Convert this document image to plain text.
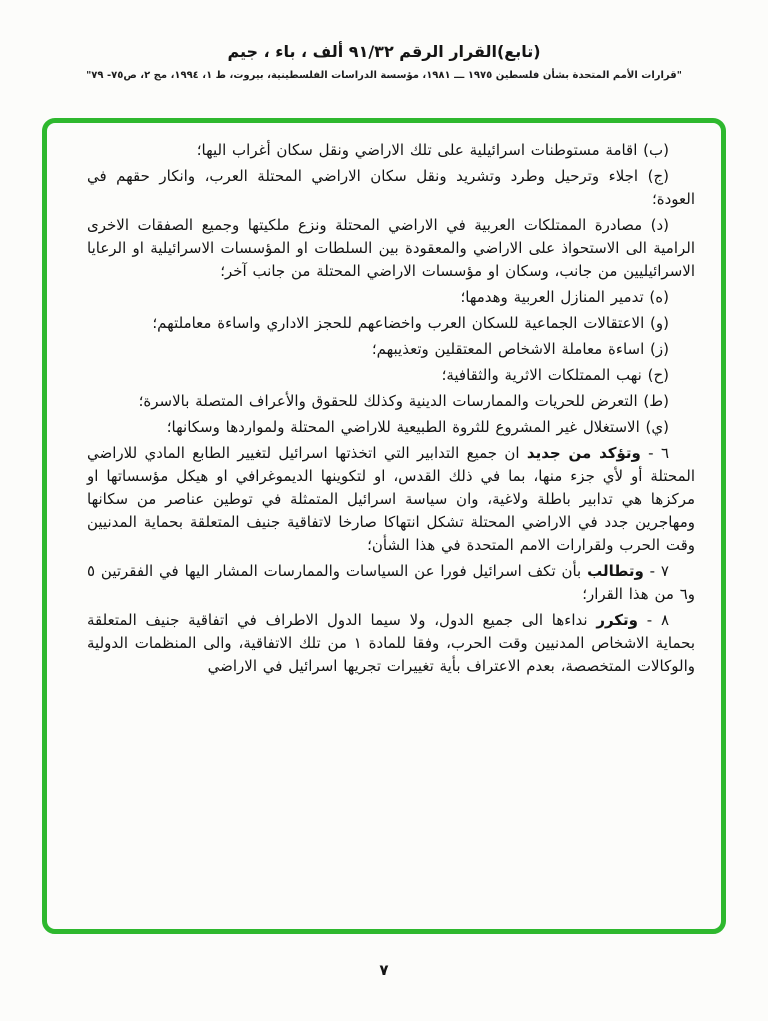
(تابع)القرار الرقم ٩١/٣٢ ألف ، باء ، جيم
"قرارات الأمم المتحدة بشأن فلسطين ١٩٧٥ ـــ ١٩٨١، مؤسسة الدراسات الفلسطينية، بيروت، ط ١، ١٩٩٤، مج ٢، ص٧٥- ٧٩"

(ب) اقامة مستوطنات اسرائيلية على تلك الاراضي ونقل سكان أغراب اليها؛

(ج) اجلاء وترحيل وطرد وتشريد ونقل سكان الاراضي المحتلة العرب، وانكار حقهم في العودة؛

(د) مصادرة الممتلكات العربية في الاراضي المحتلة ونزع ملكيتها وجميع الصفقات الاخرى الرامية الى الاستحواذ على الاراضي والمعقودة بين السلطات او المؤسسات الاسرائيلية او الرعايا الاسرائيليين من جانب، وسكان او مؤسسات الاراضي المحتلة من جانب آخر؛

(ه) تدمير المنازل العربية وهدمها؛

(و) الاعتقالات الجماعية للسكان العرب واخضاعهم للحجز الاداري واساءة معاملتهم؛

(ز) اساءة معاملة الاشخاص المعتقلين وتعذيبهم؛

(ح) نهب الممتلكات الاثرية والثقافية؛

(ط) التعرض للحريات والممارسات الدينية وكذلك للحقوق والأعراف المتصلة بالاسرة؛

(ي) الاستغلال غير المشروع للثروة الطبيعية للاراضي المحتلة ولمواردها وسكانها؛

٦ - وتؤكد من جديد ان جميع التدابير التي اتخذتها اسرائيل لتغيير الطابع المادي للاراضي المحتلة أو لأي جزء منها، بما في ذلك القدس، او لتكوينها الديموغرافي او هيكل مؤسساتها او مركزها هي تدابير باطلة ولاغية، وان سياسة اسرائيل المتمثلة في توطين عناصر من سكانها ومهاجرين جدد في الاراضي المحتلة تشكل انتهاكا صارخا لاتفاقية جنيف المتعلقة بحماية المدنيين وقت الحرب ولقرارات الامم المتحدة في هذا الشأن؛

٧ - وتطالب بأن تكف اسرائيل فورا عن السياسات والممارسات المشار اليها في الفقرتين ٥ و٦ من هذا القرار؛

٨ - وتكرر نداءها الى جميع الدول، ولا سيما الدول الاطراف في اتفاقية جنيف المتعلقة بحماية الاشخاص المدنيين وقت الحرب، وفقا للمادة ١ من تلك الاتفاقية، والى المنظمات الدولية والوكالات المتخصصة، بعدم الاعتراف بأية تغييرات تجريها اسرائيل في الاراضي

٧
